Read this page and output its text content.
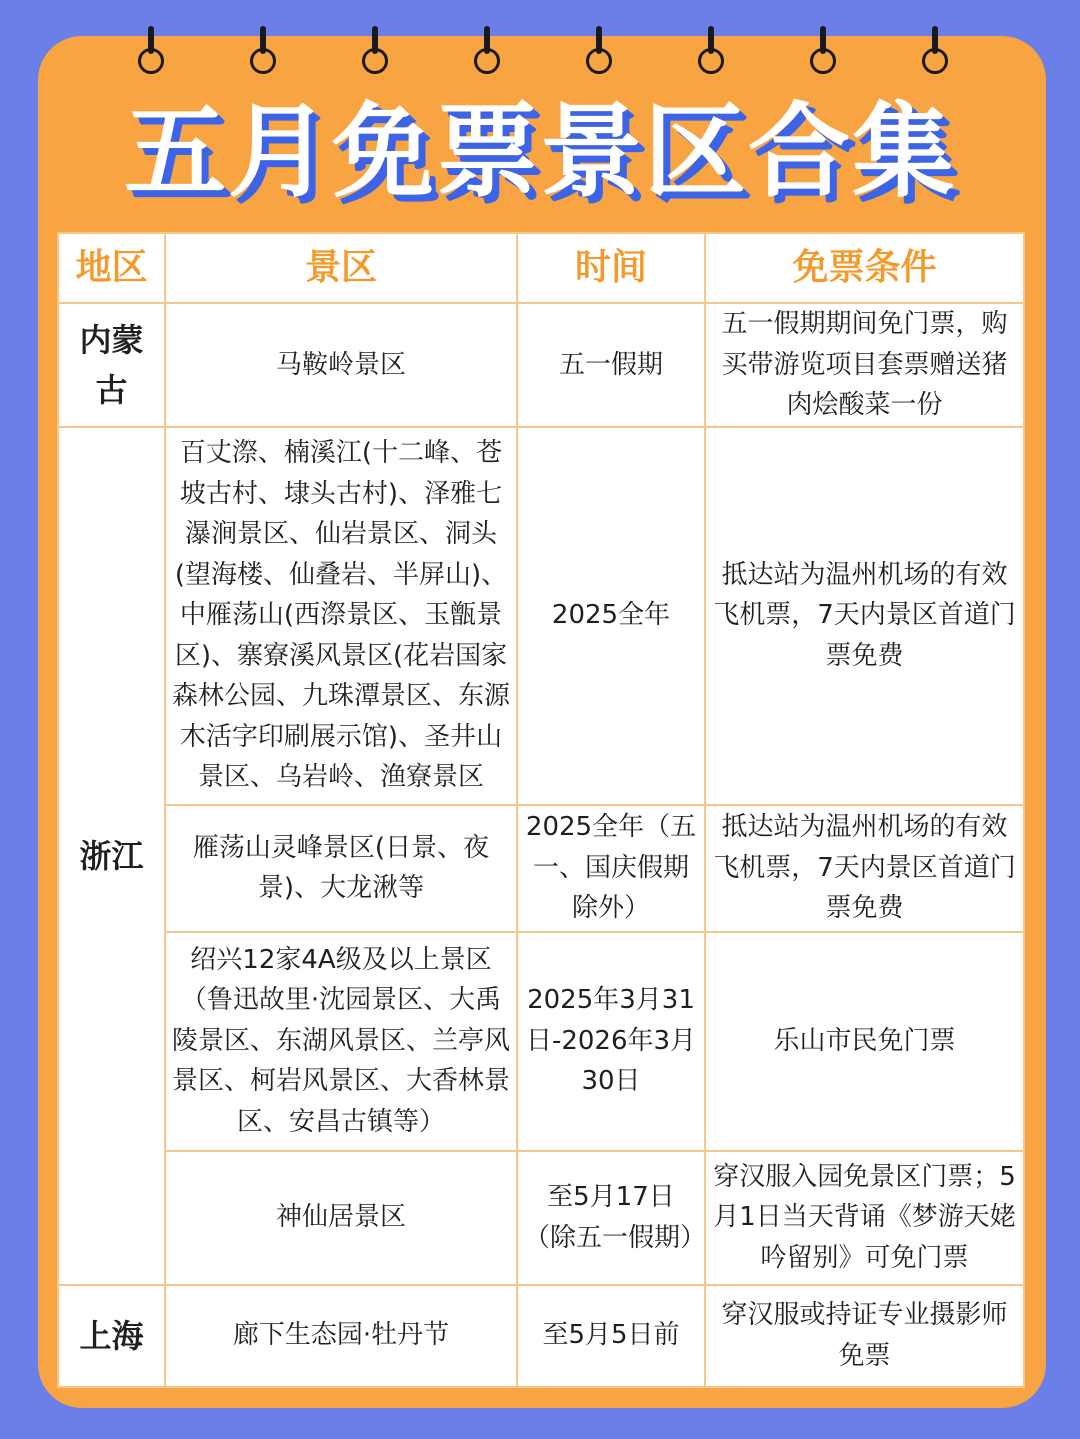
五月免票景区合集
地区	景区	时间	免票条件
内蒙古	马鞍岭景区	五一假期	五一假期期间免门票，购买带游览项目套票赠送猪肉烩酸菜一份
浙江	百丈漈、楠溪江(十二峰、苍坡古村、埭头古村)、泽雅七瀑涧景区、仙岩景区、洞头(望海楼、仙叠岩、半屏山)、中雁荡山(西漈景区、玉甑景区)、寨寮溪风景区(花岩国家森林公园、九珠潭景区、东源木活字印刷展示馆)、圣井山景区、乌岩岭、渔寮景区	2025全年	抵达站为温州机场的有效飞机票，7天内景区首道门票免费
	雁荡山灵峰景区(日景、夜景)、大龙湫等	2025全年（五一、国庆假期除外）	抵达站为温州机场的有效飞机票，7天内景区首道门票免费
	绍兴12家4A级及以上景区（鲁迅故里·沈园景区、大禹陵景区、东湖风景区、兰亭风景区、柯岩风景区、大香林景区、安昌古镇等）	2025年3月31日-2026年3月30日	乐山市民免门票
	神仙居景区	至5月17日（除五一假期）	穿汉服入园免景区门票；5月1日当天背诵《梦游天姥吟留别》可免门票
上海	廊下生态园·牡丹节	至5月5日前	穿汉服或持证专业摄影师免票
